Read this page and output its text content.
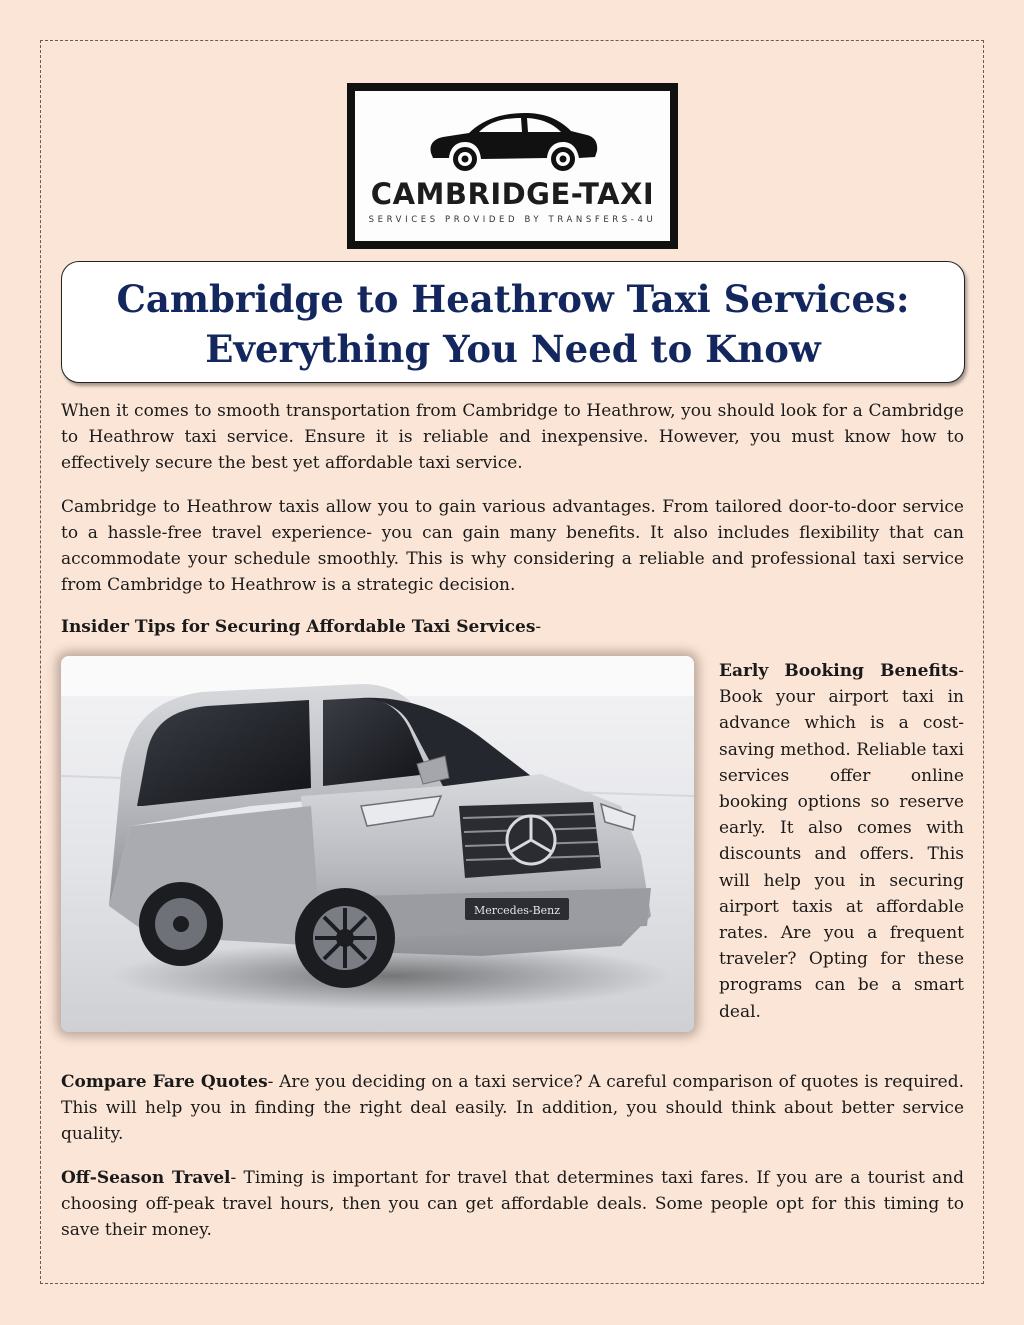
CAMBRIDGE-TAXI
SERVICES PROVIDED BY TRANSFERS-4U
Cambridge to Heathrow Taxi Services:
Everything You Need to Know

When it comes to smooth transportation from Cambridge to Heathrow, you should look for a Cambridge to Heathrow taxi service. Ensure it is reliable and inexpensive. However, you must know how to effectively secure the best yet affordable taxi service.

Cambridge to Heathrow taxis allow you to gain various advantages. From tailored door-to-door service to a hassle-free travel experience- you can gain many benefits. It also includes flexibility that can accommodate your schedule smoothly. This is why considering a reliable and professional taxi service from Cambridge to Heathrow is a strategic decision.

Insider Tips for Securing Affordable Taxi Services-

Mercedes-Benz

Early Booking Benefits- Book your airport taxi in advance which is a cost-saving method. Reliable taxi services offer online booking options so reserve early. It also comes with discounts and offers. This will help you in securing airport taxis at affordable rates. Are you a frequent traveler? Opting for these programs can be a smart deal.

Compare Fare Quotes- Are you deciding on a taxi service? A careful comparison of quotes is required. This will help you in finding the right deal easily. In addition, you should think about better service quality.

Off-Season Travel- Timing is important for travel that determines taxi fares. If you are a tourist and choosing off-peak travel hours, then you can get affordable deals. Some people opt for this timing to save their money.
